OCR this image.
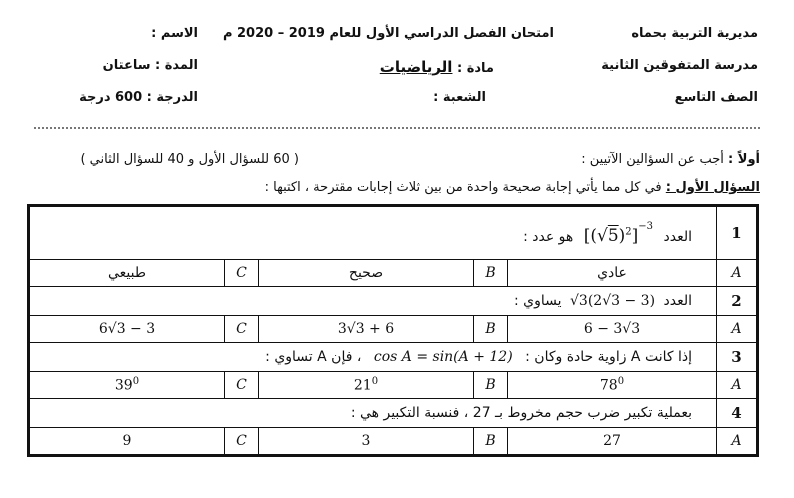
مديرية التربية بحماه
مدرسة المتفوقين الثانية
الصف التاسع
امتحان الفصل الدراسي الأول للعام 2019 – 2020 م
مادة : الرياضيات
الشعبة :
الاسم :
المدة : ساعتان
الدرجة : 600 درجة
أولاً : أجب عن السؤالين الآتيين :
( 60 للسؤال الأول و 40 للسؤال الثاني )
السؤال الأول : في كل مما يأتي إجابة صحيحة واحدة من بين ثلاث إجابات مقترحة ، اكتبها :
1	العدد $[(√5)^2]^{-3}$ هو عدد :				
A	عادي	B	صحيح	C	طبيعي
2	العدد √3(2√3 − 3) يساوي :				
A	6 − 3√3	B	3√3 + 6	C	6√3 − 3
3	إذا كانت A زاوية حادة وكان : cos A = sin(A + 12) ، فإن A تساوي :				
A	$78^0$	B	$21^0$	C	$39^0$
4	بعملية تكبير ضرب حجم مخروط بـ 27 ، فنسبة التكبير هي :				
A	27	B	3	C	9
